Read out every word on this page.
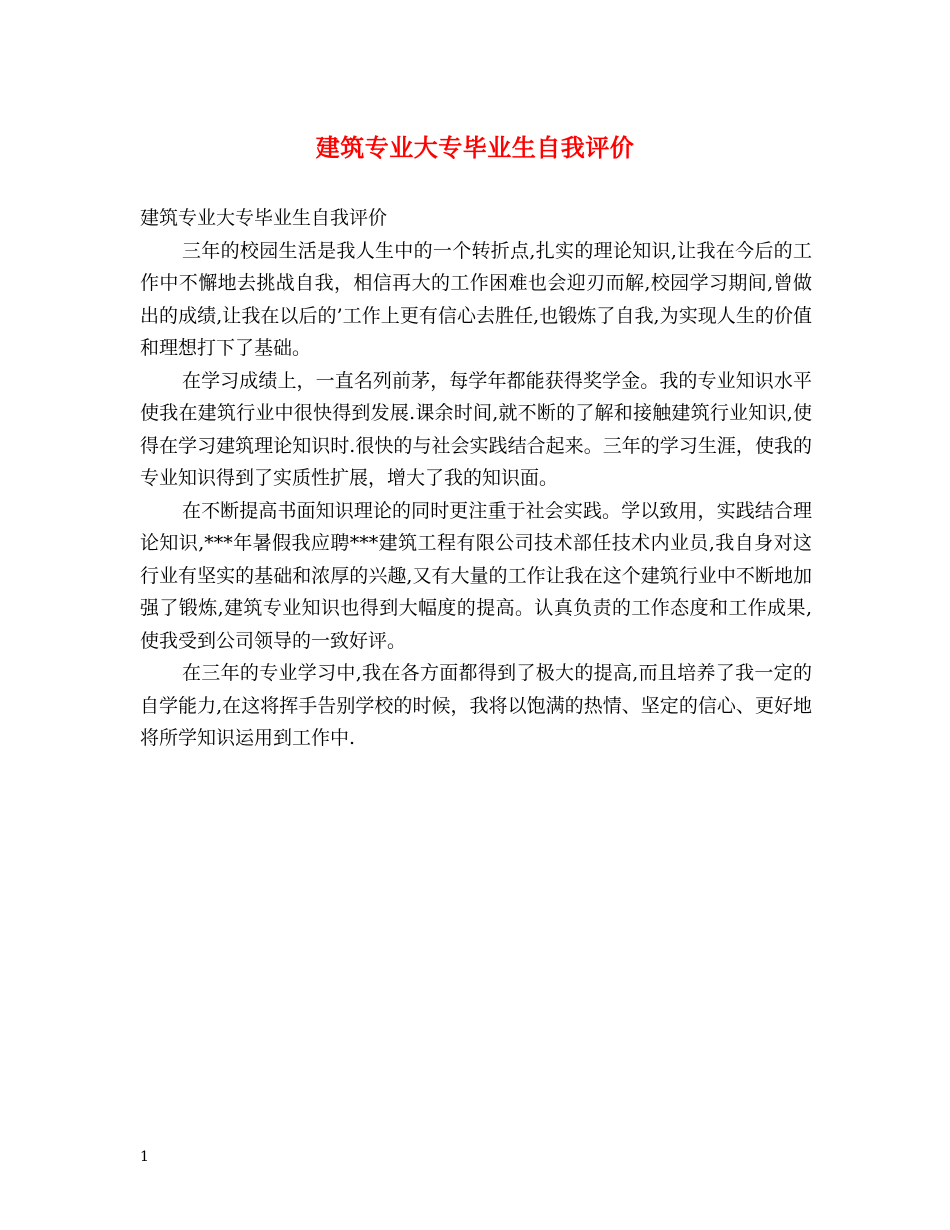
建筑专业大专毕业生自我评价

建筑专业大专毕业生自我评价

三年的校园生活是我人生中的一个转折点,扎实的理论知识,让我在今后的工作中不懈地去挑战自我，相信再大的工作困难也会迎刃而解,校园学习期间,曾做出的成绩,让我在以后的’工作上更有信心去胜任,也锻炼了自我,为实现人生的价值和理想打下了基础。

在学习成绩上，一直名列前茅，每学年都能获得奖学金。我的专业知识水平使我在建筑行业中很快得到发展.课余时间,就不断的了解和接触建筑行业知识,使得在学习建筑理论知识时.很快的与社会实践结合起来。三年的学习生涯，使我的专业知识得到了实质性扩展，增大了我的知识面。

在不断提高书面知识理论的同时更注重于社会实践。学以致用，实践结合理论知识,***年暑假我应聘***建筑工程有限公司技术部任技术内业员,我自身对这行业有坚实的基础和浓厚的兴趣,又有大量的工作让我在这个建筑行业中不断地加强了锻炼,建筑专业知识也得到大幅度的提高。认真负责的工作态度和工作成果,使我受到公司领导的一致好评。

在三年的专业学习中,我在各方面都得到了极大的提高,而且培养了我一定的自学能力,在这将挥手告别学校的时候，我将以饱满的热情、坚定的信心、更好地将所学知识运用到工作中.

1
